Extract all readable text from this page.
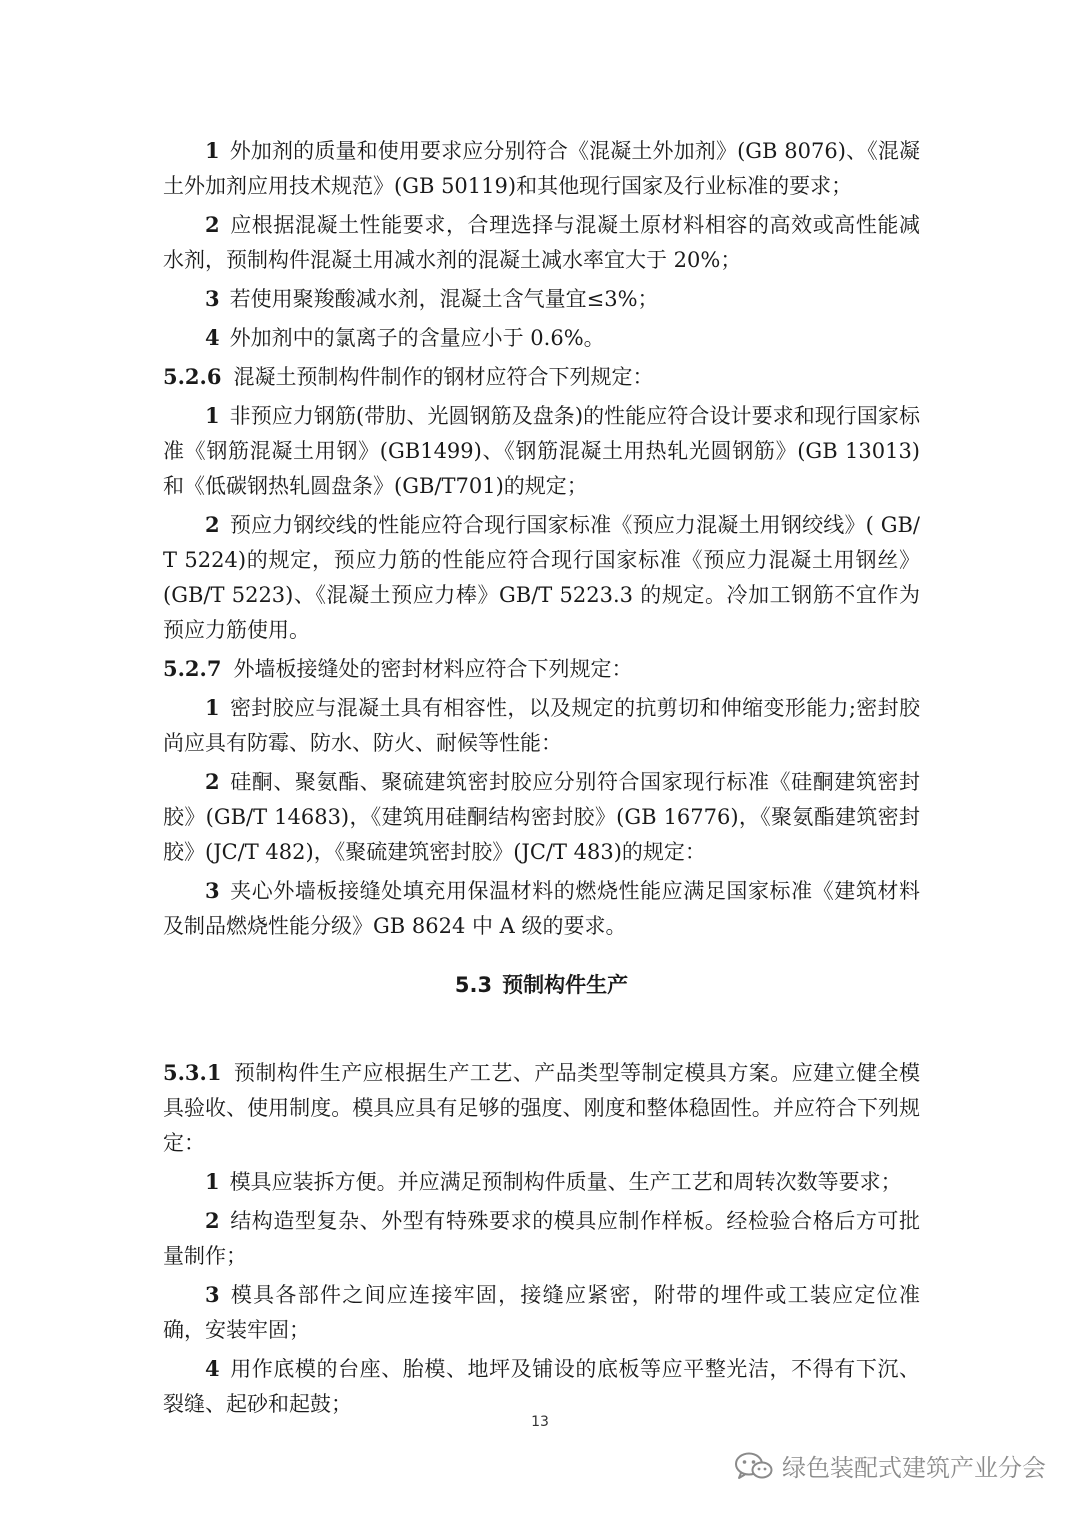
1 外加剂的质量和使用要求应分别符合《混凝土外加剂》(GB 8076)、《混凝土外加剂应用技术规范》(GB 50119)和其他现行国家及行业标准的要求；

2 应根据混凝土性能要求，合理选择与混凝土原材料相容的高效或高性能减水剂，预制构件混凝土用减水剂的混凝土减水率宜大于 20%；

3 若使用聚羧酸减水剂，混凝土含气量宜≤3%；

4 外加剂中的氯离子的含量应小于 0.6%。

5.2.6 混凝土预制构件制作的钢材应符合下列规定：

1 非预应力钢筋(带肋、光圆钢筋及盘条)的性能应符合设计要求和现行国家标准《钢筋混凝土用钢》(GB1499)、《钢筋混凝土用热轧光圆钢筋》(GB 13013)和《低碳钢热轧圆盘条》(GB/T701)的规定；

2 预应力钢绞线的性能应符合现行国家标准《预应力混凝土用钢绞线》( GB/T 5224)的规定，预应力筋的性能应符合现行国家标准《预应力混凝土用钢丝》(GB/T 5223)、《混凝土预应力棒》GB/T 5223.3 的规定。冷加工钢筋不宜作为预应力筋使用。

5.2.7 外墙板接缝处的密封材料应符合下列规定：

1 密封胶应与混凝土具有相容性，以及规定的抗剪切和伸缩变形能力;密封胶尚应具有防霉、防水、防火、耐候等性能：

2 硅酮、聚氨酯、聚硫建筑密封胶应分别符合国家现行标准《硅酮建筑密封胶》(GB/T 14683)，《建筑用硅酮结构密封胶》(GB 16776)，《聚氨酯建筑密封胶》(JC/T 482)，《聚硫建筑密封胶》(JC/T 483)的规定：

3 夹心外墙板接缝处填充用保温材料的燃烧性能应满足国家标准《建筑材料及制品燃烧性能分级》GB 8624 中 A 级的要求。

5.3 预制构件生产

5.3.1 预制构件生产应根据生产工艺、产品类型等制定模具方案。应建立健全模具验收、使用制度。模具应具有足够的强度、刚度和整体稳固性。并应符合下列规定：

1 模具应装拆方便。并应满足预制构件质量、生产工艺和周转次数等要求；

2 结构造型复杂、外型有特殊要求的模具应制作样板。经检验合格后方可批量制作；

3 模具各部件之间应连接牢固，接缝应紧密，附带的埋件或工装应定位准确，安装牢固；

4 用作底模的台座、胎模、地坪及铺设的底板等应平整光洁，不得有下沉、裂缝、起砂和起鼓；

13
绿色装配式建筑产业分会
